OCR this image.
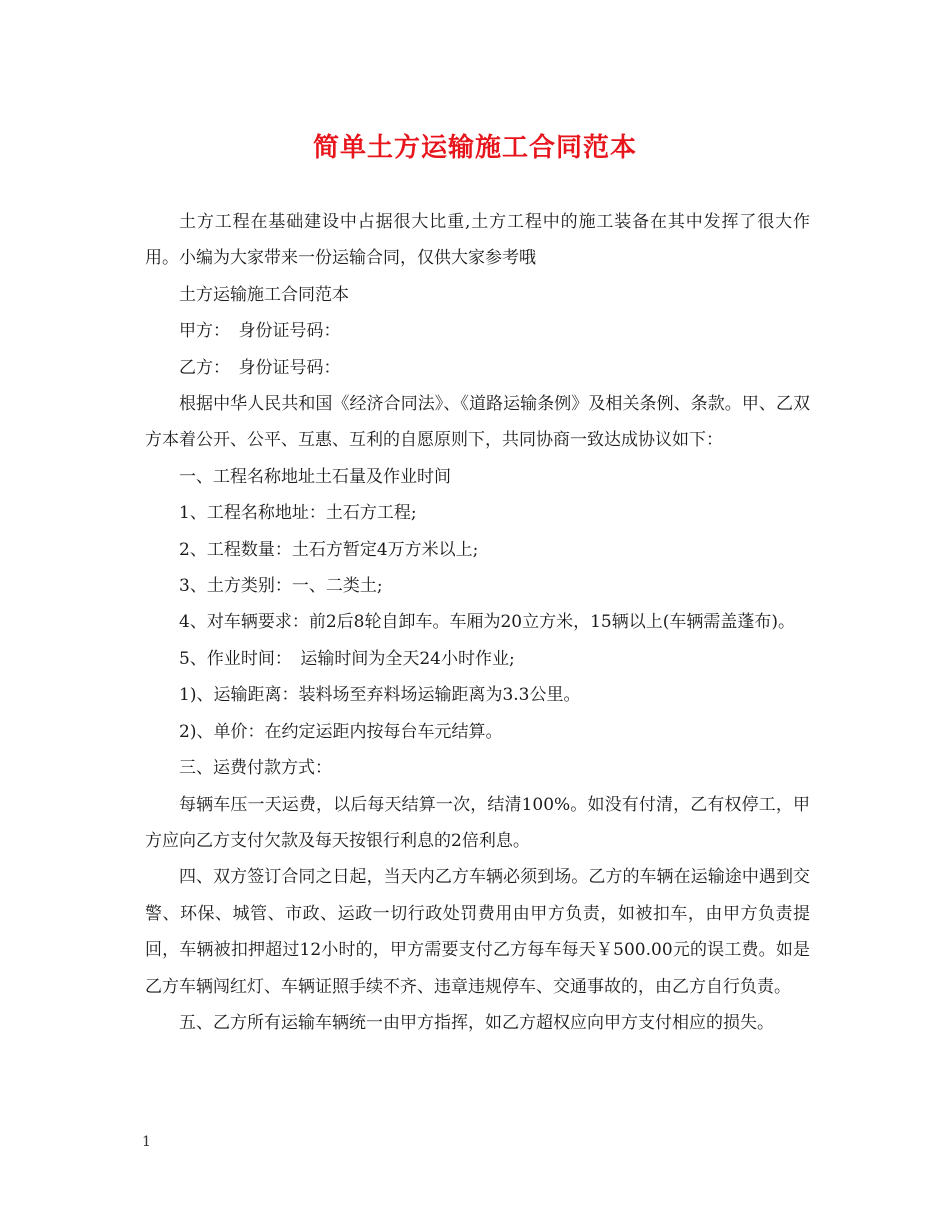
简单土方运输施工合同范本

土方工程在基础建设中占据很大比重,土方工程中的施工装备在其中发挥了很大作用。小编为大家带来一份运输合同，仅供大家参考哦

土方运输施工合同范本

甲方：　身份证号码：

乙方：　身份证号码：

根据中华人民共和国《经济合同法》、《道路运输条例》及相关条例、条款。甲、乙双方本着公开、公平、互惠、互利的自愿原则下，共同协商一致达成协议如下：

一、工程名称地址土石量及作业时间

1、工程名称地址：土石方工程;

2、工程数量：土石方暂定4万方米以上;

3、土方类别：一、二类土;

4、对车辆要求：前2后8轮自卸车。车厢为20立方米，15辆以上(车辆需盖蓬布)。

5、作业时间：　运输时间为全天24小时作业;

1)、运输距离：装料场至弃料场运输距离为3.3公里。

2)、单价：在约定运距内按每台车元结算。

三、运费付款方式：

每辆车压一天运费，以后每天结算一次，结清100%。如没有付清，乙有权停工，甲方应向乙方支付欠款及每天按银行利息的2倍利息。

四、双方签订合同之日起，当天内乙方车辆必须到场。乙方的车辆在运输途中遇到交警、环保、城管、市政、运政一切行政处罚费用由甲方负责，如被扣车，由甲方负责提回，车辆被扣押超过12小时的，甲方需要支付乙方每车每天￥500.00元的误工费。如是乙方车辆闯红灯、车辆证照手续不齐、违章违规停车、交通事故的，由乙方自行负责。

五、乙方所有运输车辆统一由甲方指挥，如乙方超权应向甲方支付相应的损失。

1
